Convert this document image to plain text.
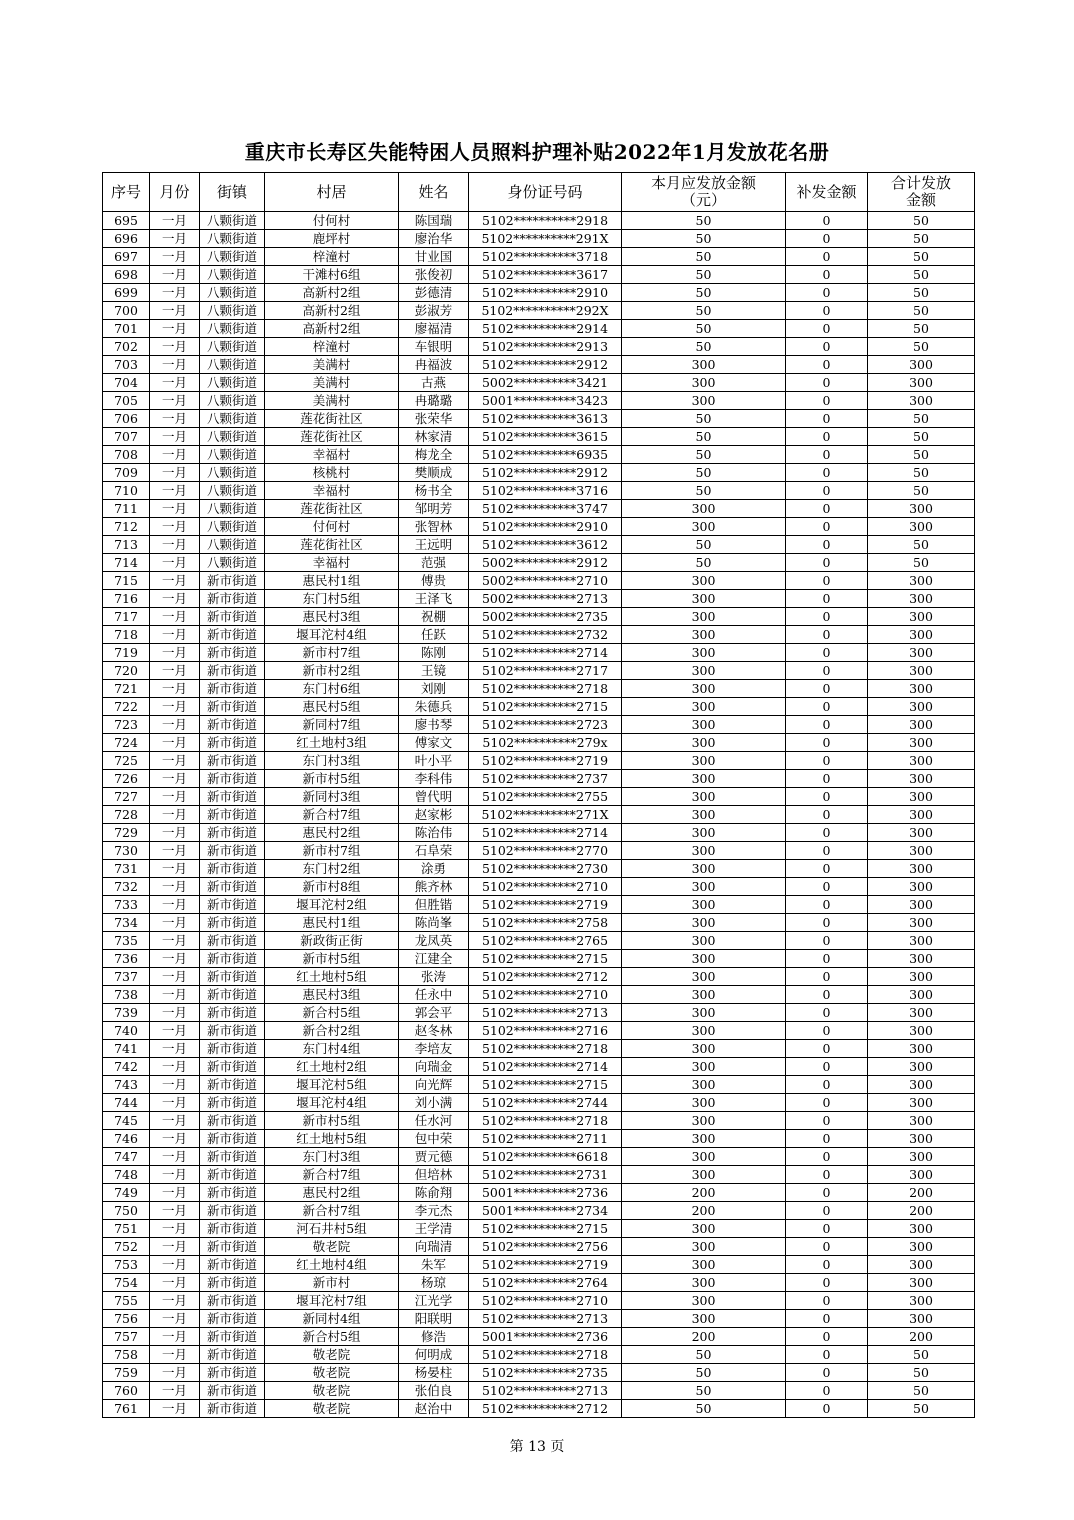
重庆市长寿区失能特困人员照料护理补贴2022年1月发放花名册
序号	月份	街镇	村居	姓名	身份证号码	本月应发放金额（元）	补发金额	合计发放金额
695	一月	八颗街道	付何村	陈国瑞	5102**********2918	50	0	50
696	一月	八颗街道	鹿坪村	廖治华	5102**********291X	50	0	50
697	一月	八颗街道	梓潼村	甘业国	5102**********3718	50	0	50
698	一月	八颗街道	干滩村6组	张俊初	5102**********3617	50	0	50
699	一月	八颗街道	高新村2组	彭德清	5102**********2910	50	0	50
700	一月	八颗街道	高新村2组	彭淑芳	5102**********292X	50	0	50
701	一月	八颗街道	高新村2组	廖福清	5102**********2914	50	0	50
702	一月	八颗街道	梓潼村	车银明	5102**********2913	50	0	50
703	一月	八颗街道	美满村	冉福波	5102**********2912	300	0	300
704	一月	八颗街道	美满村	古燕	5002**********3421	300	0	300
705	一月	八颗街道	美满村	冉璐璐	5001**********3423	300	0	300
706	一月	八颗街道	莲花街社区	张荣华	5102**********3613	50	0	50
707	一月	八颗街道	莲花街社区	林家清	5102**********3615	50	0	50
708	一月	八颗街道	幸福村	梅龙全	5102**********6935	50	0	50
709	一月	八颗街道	核桃村	樊顺成	5102**********2912	50	0	50
710	一月	八颗街道	幸福村	杨书全	5102**********3716	50	0	50
711	一月	八颗街道	莲花街社区	邹明芳	5102**********3747	300	0	300
712	一月	八颗街道	付何村	张智林	5102**********2910	300	0	300
713	一月	八颗街道	莲花街社区	王远明	5102**********3612	50	0	50
714	一月	八颗街道	幸福村	范强	5002**********2912	50	0	50
715	一月	新市街道	惠民村1组	傅贵	5002**********2710	300	0	300
716	一月	新市街道	东门村5组	王泽飞	5002**********2713	300	0	300
717	一月	新市街道	惠民村3组	祝棚	5002**********2735	300	0	300
718	一月	新市街道	堰耳沱村4组	任跃	5102**********2732	300	0	300
719	一月	新市街道	新市村7组	陈刚	5102**********2714	300	0	300
720	一月	新市街道	新市村2组	王镜	5102**********2717	300	0	300
721	一月	新市街道	东门村6组	刘刚	5102**********2718	300	0	300
722	一月	新市街道	惠民村5组	朱德兵	5102**********2715	300	0	300
723	一月	新市街道	新同村7组	廖书琴	5102**********2723	300	0	300
724	一月	新市街道	红土地村3组	傅家文	5102**********279x	300	0	300
725	一月	新市街道	东门村3组	叶小平	5102**********2719	300	0	300
726	一月	新市街道	新市村5组	李科伟	5102**********2737	300	0	300
727	一月	新市街道	新同村3组	曾代明	5102**********2755	300	0	300
728	一月	新市街道	新合村7组	赵家彬	5102**********271X	300	0	300
729	一月	新市街道	惠民村2组	陈治伟	5102**********2714	300	0	300
730	一月	新市街道	新市村7组	石阜荣	5102**********2770	300	0	300
731	一月	新市街道	东门村2组	涂勇	5102**********2730	300	0	300
732	一月	新市街道	新市村8组	熊齐林	5102**********2710	300	0	300
733	一月	新市街道	堰耳沱村2组	但胜锴	5102**********2719	300	0	300
734	一月	新市街道	惠民村1组	陈尚峯	5102**********2758	300	0	300
735	一月	新市街道	新政街正街	龙凤英	5102**********2765	300	0	300
736	一月	新市街道	新市村5组	江建全	5102**********2715	300	0	300
737	一月	新市街道	红土地村5组	张涛	5102**********2712	300	0	300
738	一月	新市街道	惠民村3组	任永中	5102**********2710	300	0	300
739	一月	新市街道	新合村5组	郭会平	5102**********2713	300	0	300
740	一月	新市街道	新合村2组	赵冬林	5102**********2716	300	0	300
741	一月	新市街道	东门村4组	李培友	5102**********2718	300	0	300
742	一月	新市街道	红土地村2组	向瑞金	5102**********2714	300	0	300
743	一月	新市街道	堰耳沱村5组	向光辉	5102**********2715	300	0	300
744	一月	新市街道	堰耳沱村4组	刘小满	5102**********2744	300	0	300
745	一月	新市街道	新市村5组	任水河	5102**********2718	300	0	300
746	一月	新市街道	红土地村5组	包中荣	5102**********2711	300	0	300
747	一月	新市街道	东门村3组	贾元德	5102**********6618	300	0	300
748	一月	新市街道	新合村7组	但培林	5102**********2731	300	0	300
749	一月	新市街道	惠民村2组	陈俞翔	5001**********2736	200	0	200
750	一月	新市街道	新合村7组	李元杰	5001**********2734	200	0	200
751	一月	新市街道	河石井村5组	王学清	5102**********2715	300	0	300
752	一月	新市街道	敬老院	向瑞清	5102**********2756	300	0	300
753	一月	新市街道	红土地村4组	朱军	5102**********2719	300	0	300
754	一月	新市街道	新市村	杨琼	5102**********2764	300	0	300
755	一月	新市街道	堰耳沱村7组	江光学	5102**********2710	300	0	300
756	一月	新市街道	新同村4组	阳联明	5102**********2713	300	0	300
757	一月	新市街道	新合村5组	修浩	5001**********2736	200	0	200
758	一月	新市街道	敬老院	何明成	5102**********2718	50	0	50
759	一月	新市街道	敬老院	杨晏柱	5102**********2735	50	0	50
760	一月	新市街道	敬老院	张伯良	5102**********2713	50	0	50
761	一月	新市街道	敬老院	赵治中	5102**********2712	50	0	50
第 13 页
